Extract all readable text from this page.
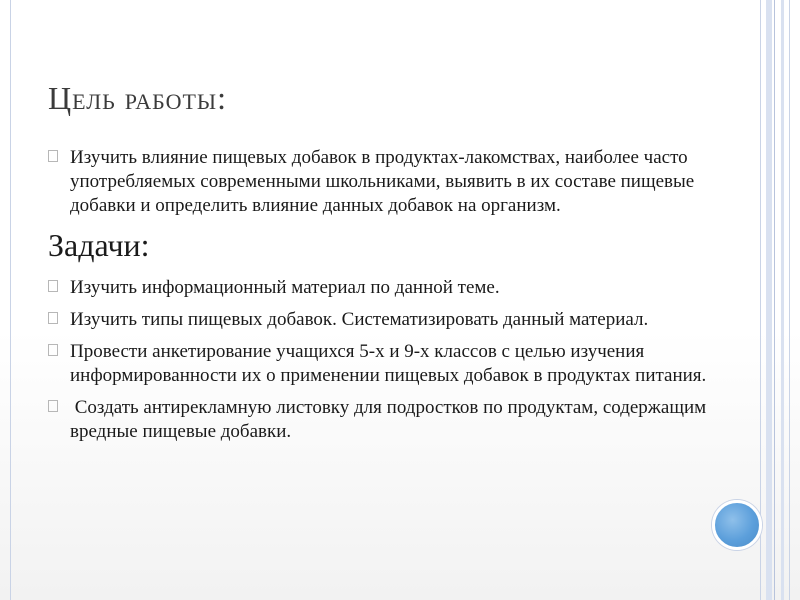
Цель работы:
Изучить влияние пищевых добавок в продуктах-лакомствах, наиболее часто употребляемых современными школьниками, выявить в их составе пищевые добавки и определить влияние данных добавок на организм.
Задачи:
Изучить информационный материал по данной теме.
Изучить типы пищевых добавок. Систематизировать данный материал.
Провести анкетирование учащихся 5-х и 9-х классов с целью изучения информированности их о применении пищевых добавок в продуктах питания.
Создать антирекламную листовку для подростков по продуктам, содержащим вредные пищевые добавки.
